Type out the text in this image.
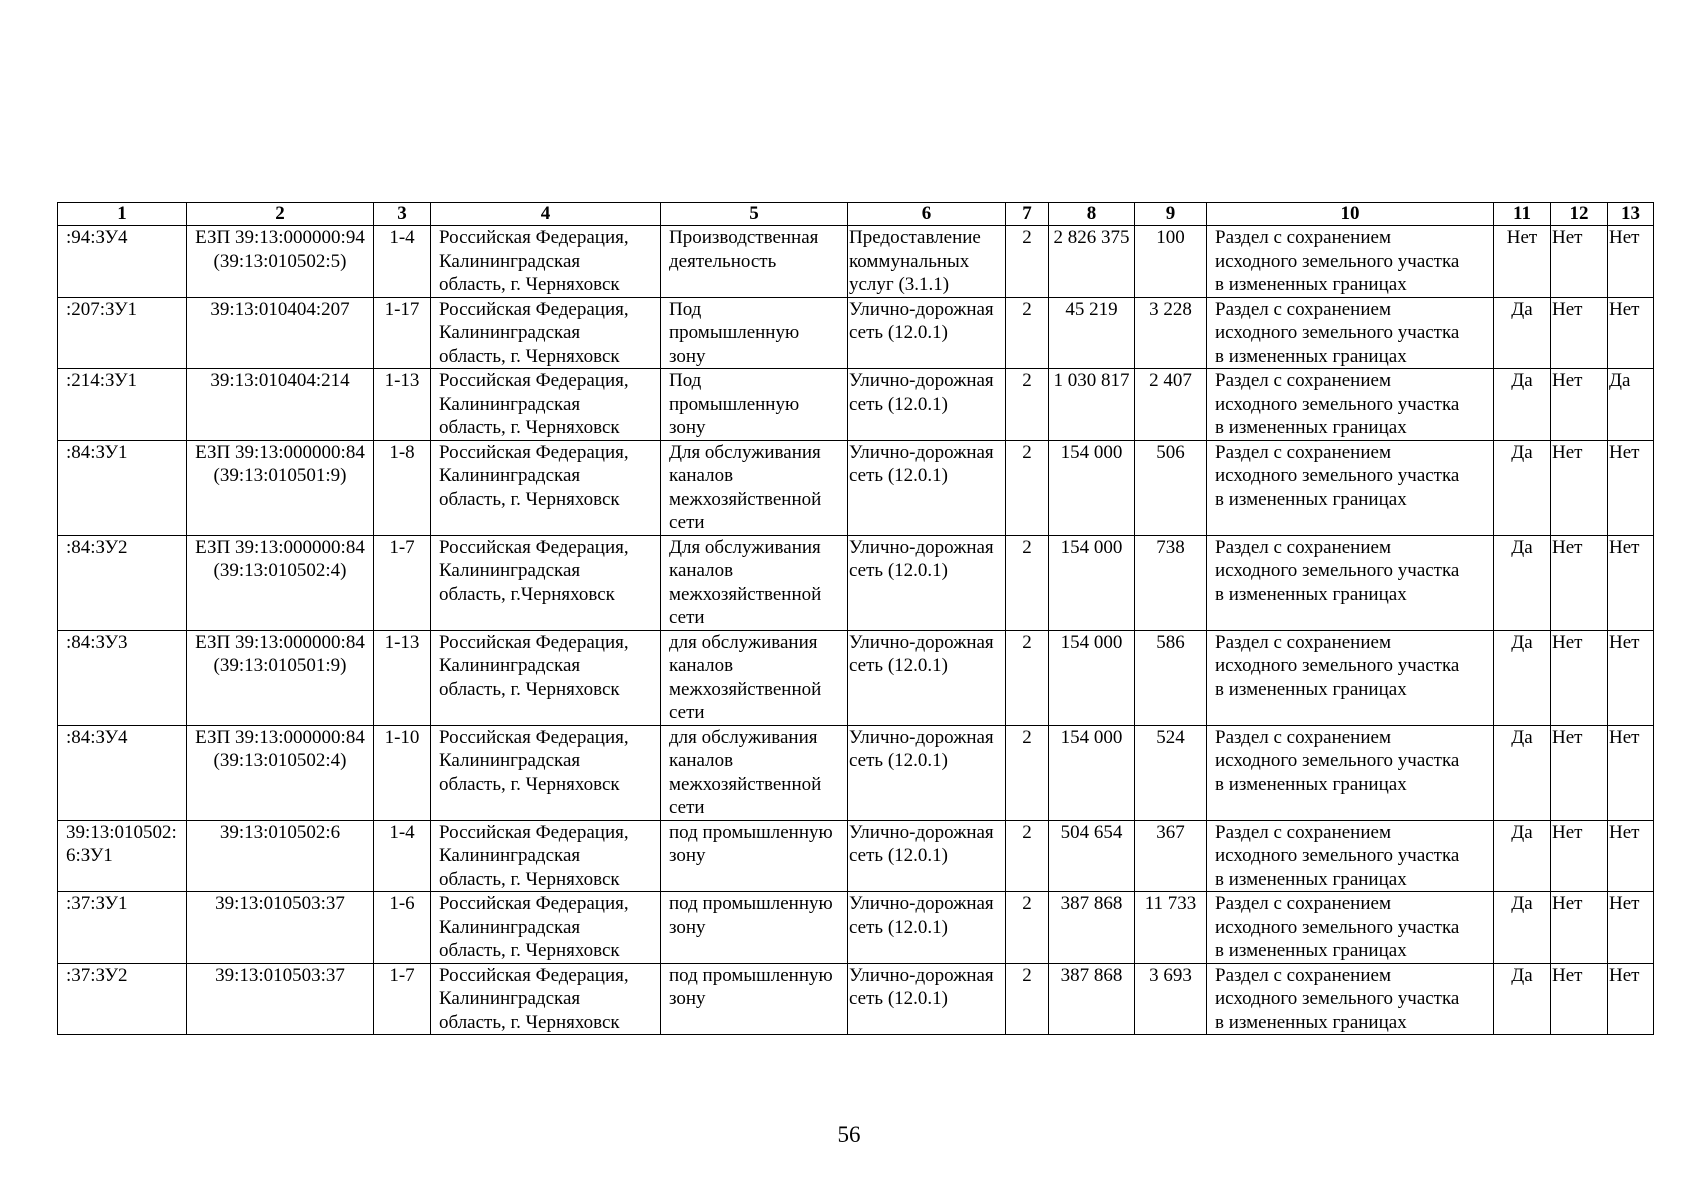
1	2	3	4	5	6	7	8	9	10	11	12	13
:94:ЗУ4	ЕЗП 39:13:000000:94
(39:13:010502:5)	1-4	Российская Федерация,
Калининградская
область, г. Черняховск	Производственная
деятельность	Предоставление
коммунальных
услуг (3.1.1)	2	2 826 375	100	Раздел с сохранением
исходного земельного участка
в измененных границах	Нет	Нет	Нет
:207:ЗУ1	39:13:010404:207	1-17	Российская Федерация,
Калининградская
область, г. Черняховск	Под
промышленную
зону	Улично-дорожная
сеть (12.0.1)	2	45 219	3 228	Раздел с сохранением
исходного земельного участка
в измененных границах	Да	Нет	Нет
:214:ЗУ1	39:13:010404:214	1-13	Российская Федерация,
Калининградская
область, г. Черняховск	Под
промышленную
зону	Улично-дорожная
сеть (12.0.1)	2	1 030 817	2 407	Раздел с сохранением
исходного земельного участка
в измененных границах	Да	Нет	Да
:84:ЗУ1	ЕЗП 39:13:000000:84
(39:13:010501:9)	1-8	Российская Федерация,
Калининградская
область, г. Черняховск	Для обслуживания
каналов
межхозяйственной
сети	Улично-дорожная
сеть (12.0.1)	2	154 000	506	Раздел с сохранением
исходного земельного участка
в измененных границах	Да	Нет	Нет
:84:ЗУ2	ЕЗП 39:13:000000:84
(39:13:010502:4)	1-7	Российская Федерация,
Калининградская
область, г.Черняховск	Для обслуживания
каналов
межхозяйственной
сети	Улично-дорожная
сеть (12.0.1)	2	154 000	738	Раздел с сохранением
исходного земельного участка
в измененных границах	Да	Нет	Нет
:84:ЗУ3	ЕЗП 39:13:000000:84
(39:13:010501:9)	1-13	Российская Федерация,
Калининградская
область, г. Черняховск	для обслуживания
каналов
межхозяйственной
сети	Улично-дорожная
сеть (12.0.1)	2	154 000	586	Раздел с сохранением
исходного земельного участка
в измененных границах	Да	Нет	Нет
:84:ЗУ4	ЕЗП 39:13:000000:84
(39:13:010502:4)	1-10	Российская Федерация,
Калининградская
область, г. Черняховск	для обслуживания
каналов
межхозяйственной
сети	Улично-дорожная
сеть (12.0.1)	2	154 000	524	Раздел с сохранением
исходного земельного участка
в измененных границах	Да	Нет	Нет
39:13:010502:
6:ЗУ1	39:13:010502:6	1-4	Российская Федерация,
Калининградская
область, г. Черняховск	под промышленную
зону	Улично-дорожная
сеть (12.0.1)	2	504 654	367	Раздел с сохранением
исходного земельного участка
в измененных границах	Да	Нет	Нет
:37:ЗУ1	39:13:010503:37	1-6	Российская Федерация,
Калининградская
область, г. Черняховск	под промышленную
зону	Улично-дорожная
сеть (12.0.1)	2	387 868	11 733	Раздел с сохранением
исходного земельного участка
в измененных границах	Да	Нет	Нет
:37:ЗУ2	39:13:010503:37	1-7	Российская Федерация,
Калининградская
область, г. Черняховск	под промышленную
зону	Улично-дорожная
сеть (12.0.1)	2	387 868	3 693	Раздел с сохранением
исходного земельного участка
в измененных границах	Да	Нет	Нет
56
